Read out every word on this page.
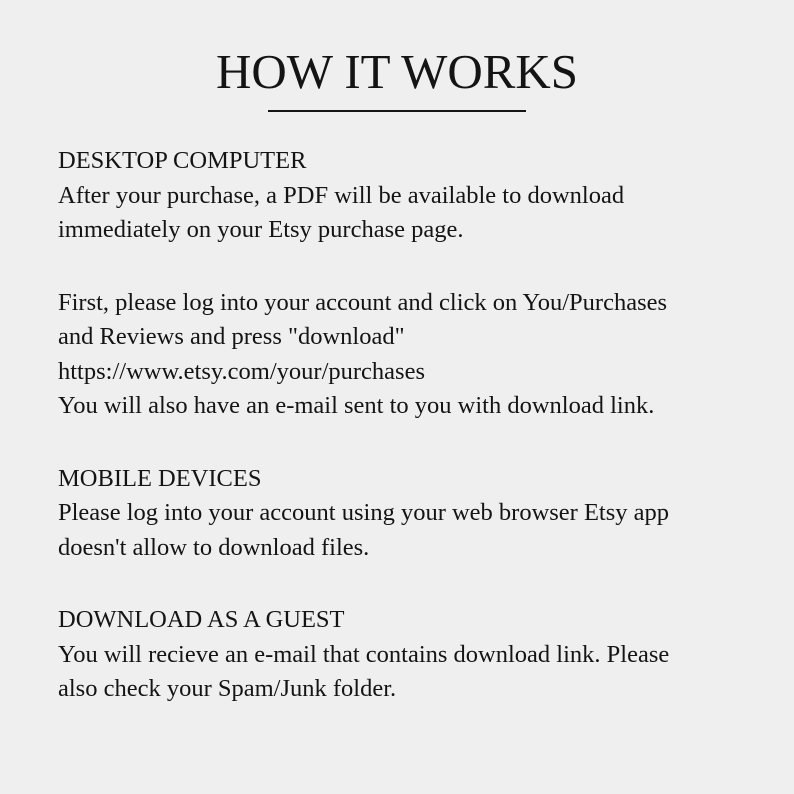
HOW IT WORKS
DESKTOP COMPUTER

After your purchase, a PDF will be available to download
immediately on your Etsy purchase page.

First, please log into your account and click on You/Purchases
and Reviews and press "download"
https://www.etsy.com/your/purchases
You will also have an e-mail sent to you with download link.

MOBILE DEVICES

Please log into your account using your web browser Etsy app
doesn't allow to download files.

DOWNLOAD AS A GUEST

You will recieve an e-mail that contains download link. Please
also check your Spam/Junk folder.
